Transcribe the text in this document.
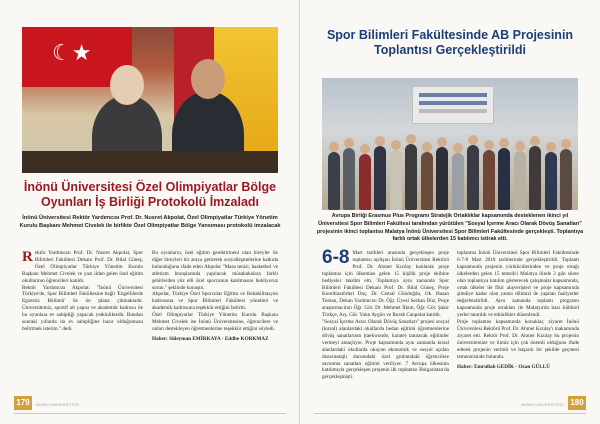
☾★
İnönü Üniversitesi Özel Olimpiyatlar Bölge Oyunları İş Birliği Protokolü İmzaladı

İnönü Üniversitesi Rektör Yardımcısı Prof. Dr. Nusret Akpolat, Özel Olimpiyatlar Türkiye Yönetim Kurulu Başkanı Mehmet Civelek ile birlikte Özel Olimpiyatlar Bölge Yansıması protokolü imzalacak

Rektör Yardımcısı Prof. Dr. Nusret Akpolat, Spor Bilimleri Fakültesi Dekanı Prof. Dr. Bilal Güneş, Özel Olimpiyatlar Türkiye Yönetim Kurulu Başkanı Mehmet Civelek ve yazı ilden gelen özel eğitim okullarının öğrencileri katıldı.

Rektör Yardımcısı Akpolat: "İnönü Üniversitesi Türkiye'de, Spor Bilimleri Fakültesine bağlı 'Engellilerde Egzersiz Bölümü' ile ön plana çıkmaktadır. Üniversitemiz, sportif alt yapısı ve akademik kadrosu ile bu oyunlara ev sahipliği yapacak yetkinliktedir. Bundan sonraki yıllarda da ev sahipliğine hazır olduğumuzu belirtmek isterim." dedi.

Bu oyunların, özel eğitim gerektirmeni olan bireyler ile diğer bireyleri bir araya getirerek sosyalleşmelerine katkıda bulunduğunu ifade eden Akpolat "Masa tenisi, basketbol ve atletizm branşlarında yapılacak müsabakalara farklı şehirlerden yüz elli özel sporcunun katılmasını bekliyoruz sorun." şeklinde konuştu.

Akpolat, Türkiye Özel Sporcular Eğitim ve Rehabilitasyon kadrosuna ve Spor Bilimleri Fakültesi yönetimi ve akademik kadrosuna teşekkür ettiğini belirtti.

Özel Olimpiyatlar Türkiye Yönetim Kurulu Başkanı Mehmet Civelek ise İnönü Üniversitesine, öğrencilere ve onları destekleyen öğretmenlerine teşekkür ettiğini söyledi.

Haber: Süleyman EMİRKAYA - Eddbe KORKMAZ

179	İNÖNÜ ÜNİVERSİTESİ
Spor Bilimleri Fakültesinde AB Projesinin Toplantısı Gerçekleştirildi

Avrupa Birliği Erasmus Plus Programı Stratejik Ortaklıklar kapsamında desteklenen ikinci yıl Üniversitesi Spor Bilimleri Fakültesi tarafından yürütülen "Sosyal İçerme Aracı Olarak Dövüş Sanatları" projesinin ikinci toplantısı Malatya İnönü Üniversitesi Spor Bilimleri Fakültesinde gerçekleşti. Toplantıya farklı ortak ülkelerden 15 katılımcı istirak etti.

6-8 Mart tarihleri arasında gerçekleşen proje toplantısı açılışını İnönü Üniversitesi Rektörü Prof. Dr. Ahmet Kızılay katılarak proje toplantısı için ülkemize gelen 15 kişilik proje ekibine hediyeler takdim etti. Toplantıya aynı zamanda Spor Bilimleri Fakültesi Dekanı Prof. Dr. Bilal Güneş, Proje Koordinatörleri Doç. Dr. Cemal Gündoğdu, Ok. Hasan Toman, Dekan Yardımcısı Dr. Öğr. Üyesi Serkan Düz, Proje araştırmacıları Öğr. Gör. Dr. Mehmet İlkım, Öğr. Gör. Şakir Türkçe, Arş. Gör. Yalın Aygün ve Burak Canpolat katıldı.

"Sosyal İçerme Aracı Olarak Dövüş Sanatları" projesi sosyal (kırsal) alanlardaki okullarda bedan eğitimi öğretmenlerine dövüş sanatlarının (taekwondo, karate) tanıtacak eğitimler vermeyi amaçlıyor. Proje kapsamında aynı zamanda kırsal alanlardaki okullarda okuyan ekonomik ve sosyal açıdan dezavantajlı durumdaki özel grubundaki öğrencilere savunma sanatları eğitimi veriliyor. 7 Avrupa ülkesinin katılımıyla gerçekleşen projenin ilk toplantısı Bulgaristan'da gerçekleşmişti.

toplantısı İnönü Üniversitesi Spor Bilimleri Fakültesinde 6-7-8 Mart 2018 tarihlerinde gerçekleştirildi. Toplantı kapsamında projenin yürütücülerinden ve proje ortağı ülkelerden gelen 15 temsilci Malatya ilinde 3 gün süren olan toplantıya katılım gösterecek çalışmalar kapsamında, ortak ülkeler ile fikir alışverişleri ve proje kapsamında şimdiye kadar olan yanısı dilimizi de yapılan faaliyetler değerlendirildi. Aynı zamanda toplantı programı kapsamında proje ortakları ile Malatya'da bazı kültürel yerler tanıtıldı ve etkinlikler düzenlendi.

Proje toplantısı kapsamında konuklar, ziyaret İnönü Üniversitesi Rektörü Prof. Dr. Ahmet Kızılay'ı makamında ziyaret etti. Rektör Prof. Dr. Ahmet Kızılay bu projenin üniversitemize ve ilimiz için çok önemli olduğunu ifade ederek projenin verimli ve başarılı bir şekilde geçmesi temennisinde bulundu.

Haber: Emrullah GEDİK - Ozan GÜLLÜ

İNÖNÜ ÜNİVERSİTESİ 180
